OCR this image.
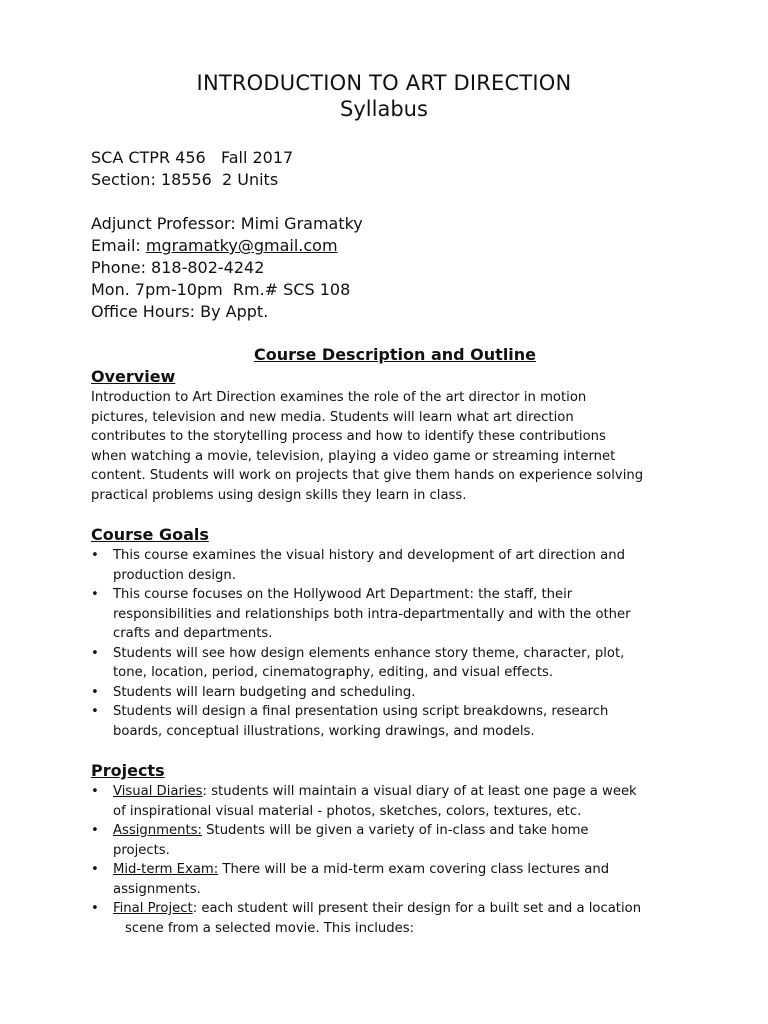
INTRODUCTION TO ART DIRECTION
Syllabus
SCA CTPR 456   Fall 2017
Section: 18556  2 Units
Adjunct Professor: Mimi Gramatky
Email: mgramatky@gmail.com
Phone: 818-802-4242
Mon. 7pm-10pm  Rm.# SCS 108
Office Hours: By Appt.
Course Description and Outline
Overview
Introduction to Art Direction examines the role of the art director in motion
pictures, television and new media. Students will learn what art direction
contributes to the storytelling process and how to identify these contributions
when watching a movie, television, playing a video game or streaming internet
content. Students will work on projects that give them hands on experience solving
practical problems using design skills they learn in class.
Course Goals
• This course examines the visual history and development of art direction and
production design.
• This course focuses on the Hollywood Art Department: the staff, their
responsibilities and relationships both intra-departmentally and with the other
crafts and departments.
• Students will see how design elements enhance story theme, character, plot,
tone, location, period, cinematography, editing, and visual effects.
• Students will learn budgeting and scheduling.
• Students will design a final presentation using script breakdowns, research
boards, conceptual illustrations, working drawings, and models.
Projects
• Visual Diaries: students will maintain a visual diary of at least one page a week
of inspirational visual material - photos, sketches, colors, textures, etc.
• Assignments: Students will be given a variety of in-class and take home
projects.
• Mid-term Exam: There will be a mid-term exam covering class lectures and
assignments.
• Final Project: each student will present their design for a built set and a location
scene from a selected movie. This includes:
